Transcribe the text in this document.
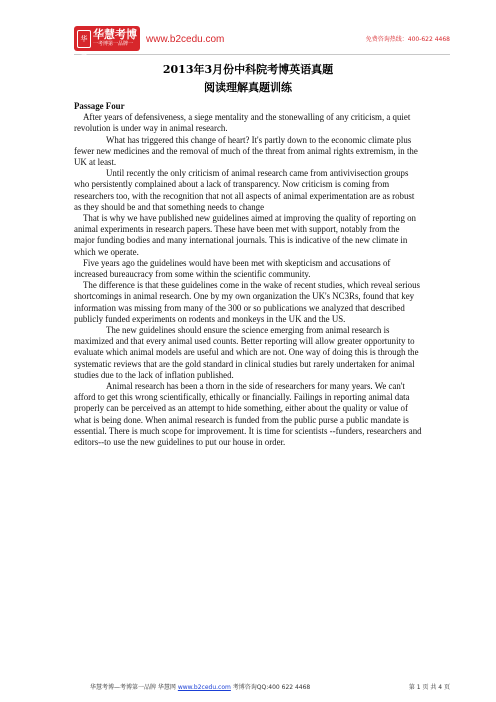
华慧
华慧考博
一考博第一品牌一 www.b2cedu.com	免费咨询热线：400-622 4468
2013年3月份中科院考博英语真题
阅读理解真题训练

Passage Four

After years of defensiveness, a siege mentality and the stonewalling of any criticism, a quiet revolution is under way in animal research.

What has triggered this change of heart? It's partly down to the economic climate plus fewer new medicines and the removal of much of the threat from animal rights extremism, in the UK at least.

Until recently the only criticism of animal research came from antivivisection groups who persistently complained about a lack of transparency. Now criticism is coming from researchers too, with the recognition that not all aspects of animal experimentation are as robust as they should be and that something needs to change

That is why we have published new guidelines aimed at improving the quality of reporting on animal experiments in research papers. These have been met with support, notably from the major funding bodies and many international journals. This is indicative of the new climate in which we operate.

Five years ago the guidelines would have been met with skepticism and accusations of increased bureaucracy from some within the scientific community.

The difference is that these guidelines come in the wake of recent studies, which reveal serious shortcomings in animal research. One by my own organization the UK's NC3Rs, found that key information was missing from many of the 300 or so publications we analyzed that described publicly funded experiments on rodents and monkeys in the UK and the US.

The new guidelines should ensure the science emerging from animal research is maximized and that every animal used counts. Better reporting will allow greater opportunity to evaluate which animal models are useful and which are not. One way of doing this is through the systematic reviews that are the gold standard in clinical studies but rarely undertaken for animal studies due to the lack of inflation published.

Animal research has been a thorn in the side of researchers for many years. We can't afford to get this wrong scientifically, ethically or financially. Failings in reporting animal data properly can be perceived as an attempt to hide something, either about the quality or value of what is being done. When animal research is funded from the public purse a public mandate is essential. There is much scope for improvement. It is time for scientists --funders, researchers and editors--to use the new guidelines to put our house in order.

华慧考博—考博第一品牌 华慧网 www.b2cedu.com 考博咨询QQ:400 622 4468	第 1 页 共 4 页
